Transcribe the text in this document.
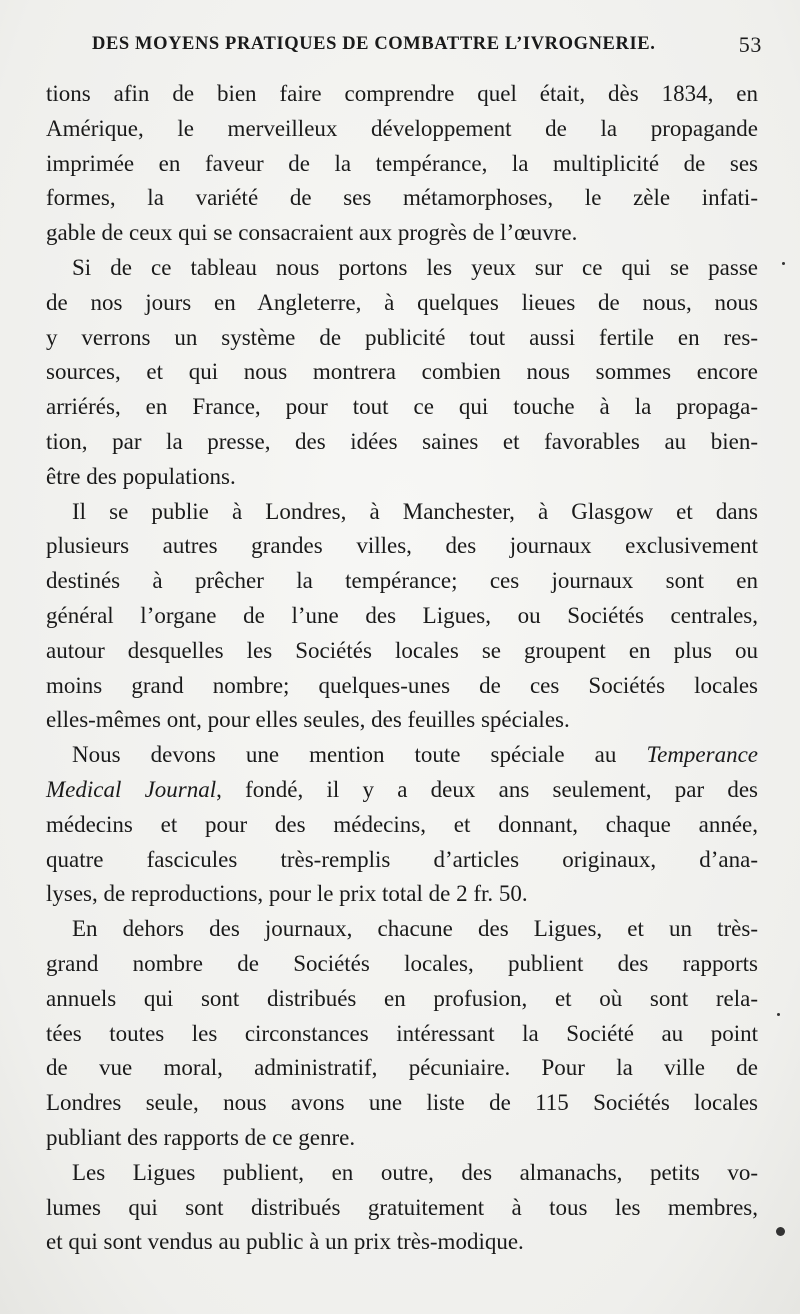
DES MOYENS PRATIQUES DE COMBATTRE L’IVROGNERIE.	53
tions afin de bien faire comprendre quel était, dès 1834, en
Amérique, le merveilleux développement de la propagande
imprimée en faveur de la tempérance, la multiplicité de ses
formes, la variété de ses métamorphoses, le zèle infati-
gable de ceux qui se consacraient aux progrès de l’œuvre.
Si de ce tableau nous portons les yeux sur ce qui se passe
de nos jours en Angleterre, à quelques lieues de nous, nous
y verrons un système de publicité tout aussi fertile en res-
sources, et qui nous montrera combien nous sommes encore
arriérés, en France, pour tout ce qui touche à la propaga-
tion, par la presse, des idées saines et favorables au bien-
être des populations.
Il se publie à Londres, à Manchester, à Glasgow et dans
plusieurs autres grandes villes, des journaux exclusivement
destinés à prêcher la tempérance; ces journaux sont en
général l’organe de l’une des Ligues, ou Sociétés centrales,
autour desquelles les Sociétés locales se groupent en plus ou
moins grand nombre; quelques-unes de ces Sociétés locales
elles-mêmes ont, pour elles seules, des feuilles spéciales.
Nous devons une mention toute spéciale au Temperance
Medical Journal, fondé, il y a deux ans seulement, par des
médecins et pour des médecins, et donnant, chaque année,
quatre fascicules très-remplis d’articles originaux, d’ana-
lyses, de reproductions, pour le prix total de 2 fr. 50.
En dehors des journaux, chacune des Ligues, et un très-
grand nombre de Sociétés locales, publient des rapports
annuels qui sont distribués en profusion, et où sont rela-
tées toutes les circonstances intéressant la Société au point
de vue moral, administratif, pécuniaire. Pour la ville de
Londres seule, nous avons une liste de 115 Sociétés locales
publiant des rapports de ce genre.
Les Ligues publient, en outre, des almanachs, petits vo-
lumes qui sont distribués gratuitement à tous les membres,
et qui sont vendus au public à un prix très-modique.
